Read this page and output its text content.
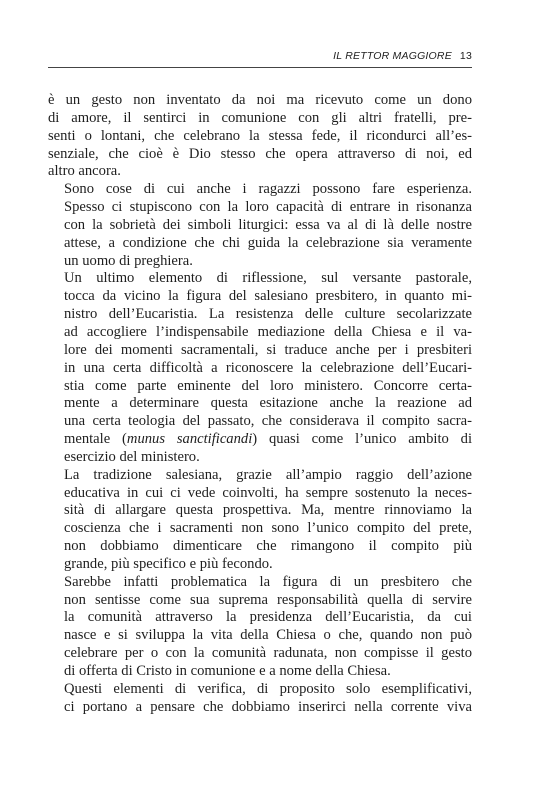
IL RETTOR MAGGIORE 13

è un gesto non inventato da noi ma ricevuto come un dono
di amore, il sentirci in comunione con gli altri fratelli, pre-
senti o lontani, che celebrano la stessa fede, il ricondurci all’es-
senziale, che cioè è Dio stesso che opera attraverso di noi, ed
altro ancora.

Sono cose di cui anche i ragazzi possono fare esperienza.
Spesso ci stupiscono con la loro capacità di entrare in risonanza
con la sobrietà dei simboli liturgici: essa va al di là delle nostre
attese, a condizione che chi guida la celebrazione sia veramente
un uomo di preghiera.

Un ultimo elemento di riflessione, sul versante pastorale,
tocca da vicino la figura del salesiano presbitero, in quanto mi-
nistro dell’Eucaristia. La resistenza delle culture secolarizzate
ad accogliere l’indispensabile mediazione della Chiesa e il va-
lore dei momenti sacramentali, si traduce anche per i presbiteri
in una certa difficoltà a riconoscere la celebrazione dell’Eucari-
stia come parte eminente del loro ministero. Concorre certa-
mente a determinare questa esitazione anche la reazione ad
una certa teologia del passato, che considerava il compito sacra-
mentale (munus sanctificandi) quasi come l’unico ambito di
esercizio del ministero.

La tradizione salesiana, grazie all’ampio raggio dell’azione
educativa in cui ci vede coinvolti, ha sempre sostenuto la neces-
sità di allargare questa prospettiva. Ma, mentre rinnoviamo la
coscienza che i sacramenti non sono l’unico compito del prete,
non dobbiamo dimenticare che rimangono il compito più
grande, più specifico e più fecondo.

Sarebbe infatti problematica la figura di un presbitero che
non sentisse come sua suprema responsabilità quella di servire
la comunità attraverso la presidenza dell’Eucaristia, da cui
nasce e si sviluppa la vita della Chiesa o che, quando non può
celebrare per o con la comunità radunata, non compisse il gesto
di offerta di Cristo in comunione e a nome della Chiesa.

Questi elementi di verifica, di proposito solo esemplificativi,
ci portano a pensare che dobbiamo inserirci nella corrente viva
